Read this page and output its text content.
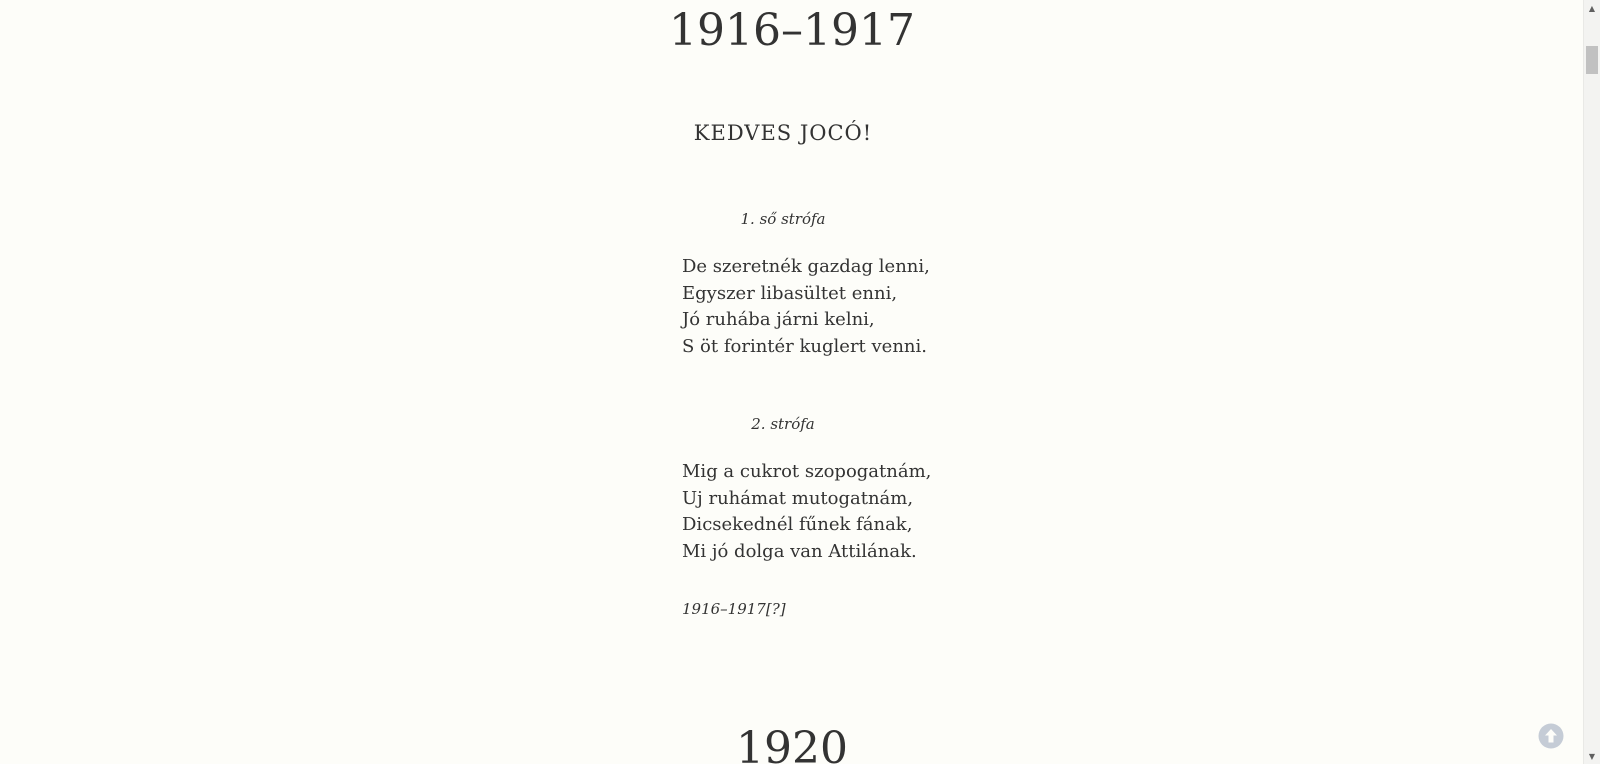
1916–1917
KEDVES JOCÓ!

1. ső strófa

De szeretnék gazdag lenni,
Egyszer libasültet enni,
Jó ruhába járni kelni,
S öt forintér kuglert venni.

2. strófa

Mig a cukrot szopogatnám,
Uj ruhámat mutogatnám,
Dicsekednél fűnek fának,
Mi jó dolga van Attilának.

1916–1917[?]

1920
▲
▼
